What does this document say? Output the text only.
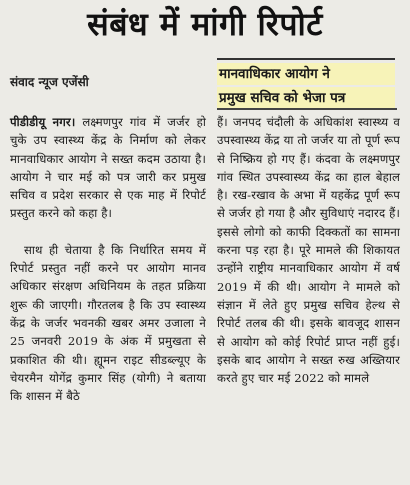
संबंध में मांगी रिपोर्ट
संवाद न्यूज एजेंसी	मानवाधिकार आयोग ने
प्रमुख सचिव को भेजा पत्र

पीडीडीयू नगर। लक्ष्मणपुर गांव में जर्जर हो चुके उप स्वास्थ्य केंद्र के निर्माण को लेकर मानवाधिकार आयोग ने सख्त कदम उठाया है। आयोग ने चार मई को पत्र जारी कर प्रमुख सचिव व प्रदेश सरकार से एक माह में रिपोर्ट प्रस्तुत करने को कहा है।

साथ ही चेताया है कि निर्धारित समय में रिपोर्ट प्रस्तुत नहीं करने पर आयोग मानव अधिकार संरक्षण अधिनियम के तहत प्रक्रिया शुरू की जाएगी। गौरतलब है कि उप स्वास्थ्य केंद्र के जर्जर भवनकी खबर अमर उजाला ने 25 जनवरी 2019 के अंक में प्रमुखता से प्रकाशित की थी। ह्यूमन राइट सीडब्ल्यूए के चेयरमैन योगेंद्र कुमार सिंह (योगी) ने बताया कि शासन में बैठे

हैं। जनपद चंदौली के अधिकांश स्वास्थ्य व उपस्वास्थ्य केंद्र या तो जर्जर या तो पूर्ण रूप से निष्क्रिय हो गए हैं। कंदवा के लक्ष्मणपुर गांव स्थित उपस्वास्थ्य केंद्र का हाल बेहाल है। रख-रखाव के अभा में यहकेंद्र पूर्ण रूप से जर्जर हो गया है और सुविधाएं नदारद हैं। इससे लोगो को काफी दिक्कतों का सामना करना पड़ रहा है। पूरे मामले की शिकायत उन्होंने राष्ट्रीय मानवाधिकार आयोग में वर्ष 2019 में की थी। आयोग ने मामले को संज्ञान में लेते हुए प्रमुख सचिव हेल्थ से रिपोर्ट तलब की थी। इसके बावजूद शासन से आयोग को कोई रिपोर्ट प्राप्त नहीं हुई। इसके बाद आयोग ने सख्त रुख अख्तियार करते हुए चार मई 2022 को मामले
